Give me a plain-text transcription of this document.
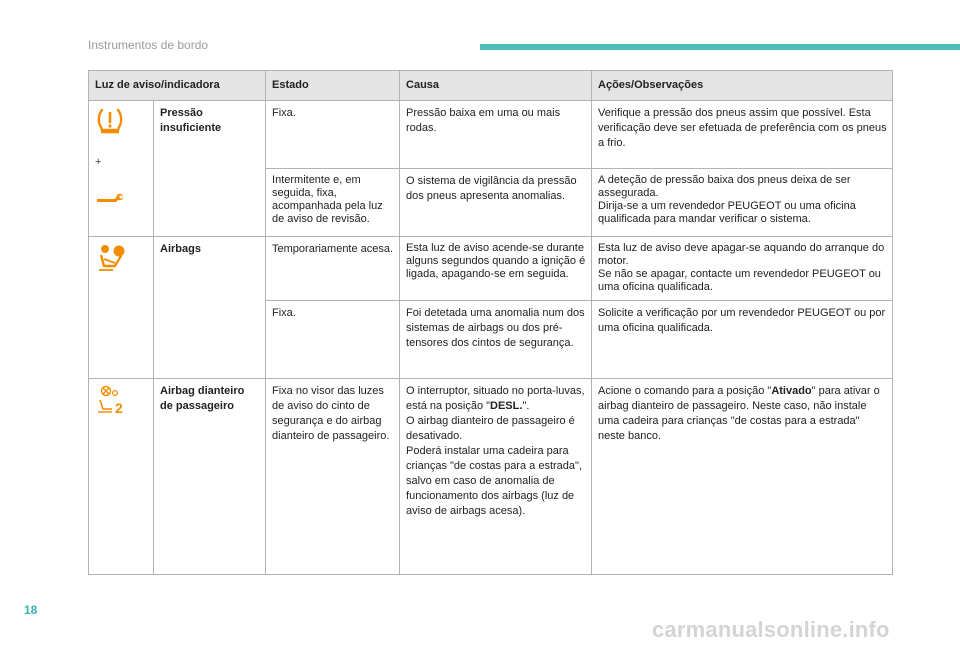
Instrumentos de bordo
Luz de aviso/indicadora		Estado	Causa	Ações/Observações

+	Pressão insuficiente	Fixa.	Pressão baixa em uma ou mais rodas.	Verifique a pressão dos pneus assim que possível. Esta verificação deve ser efetuada de preferência com os pneus a frio.
		Intermitente e, em seguida, fixa, acompanhada pela luz de aviso de revisão.	O sistema de vigilância da pressão dos pneus apresenta anomalias.	A deteção de pressão baixa dos pneus deixa de ser assegurada.
Dirija-se a um revendedor PEUGEOT ou uma oficina qualificada para mandar verificar o sistema.

	Airbags	Temporariamente acesa.	Esta luz de aviso acende-se durante alguns segundos quando a ignição é ligada, apagando-se em seguida.	Esta luz de aviso deve apagar-se aquando do arranque do motor.
Se não se apagar, contacte um revendedor PEUGEOT ou uma oficina qualificada.

		Fixa.	Foi detetada uma anomalia num dos sistemas de airbags ou dos pré-tensores dos cintos de segurança.	Solicite a verificação por um revendedor PEUGEOT ou por uma oficina qualificada.

2	Airbag dianteiro de passageiro	Fixa no visor das luzes de aviso do cinto de segurança e do airbag dianteiro de passageiro.	O interruptor, situado no porta-luvas, está na posição "DESL.".
O airbag dianteiro de passageiro é desativado.
Poderá instalar uma cadeira para crianças "de costas para a estrada", salvo em caso de anomalia de funcionamento dos airbags (luz de aviso de airbags acesa).	Acione o comando para a posição "Ativado" para ativar o airbag dianteiro de passageiro. Neste caso, não instale uma cadeira para crianças "de costas para a estrada" neste banco.
18
carmanualsonline.info
